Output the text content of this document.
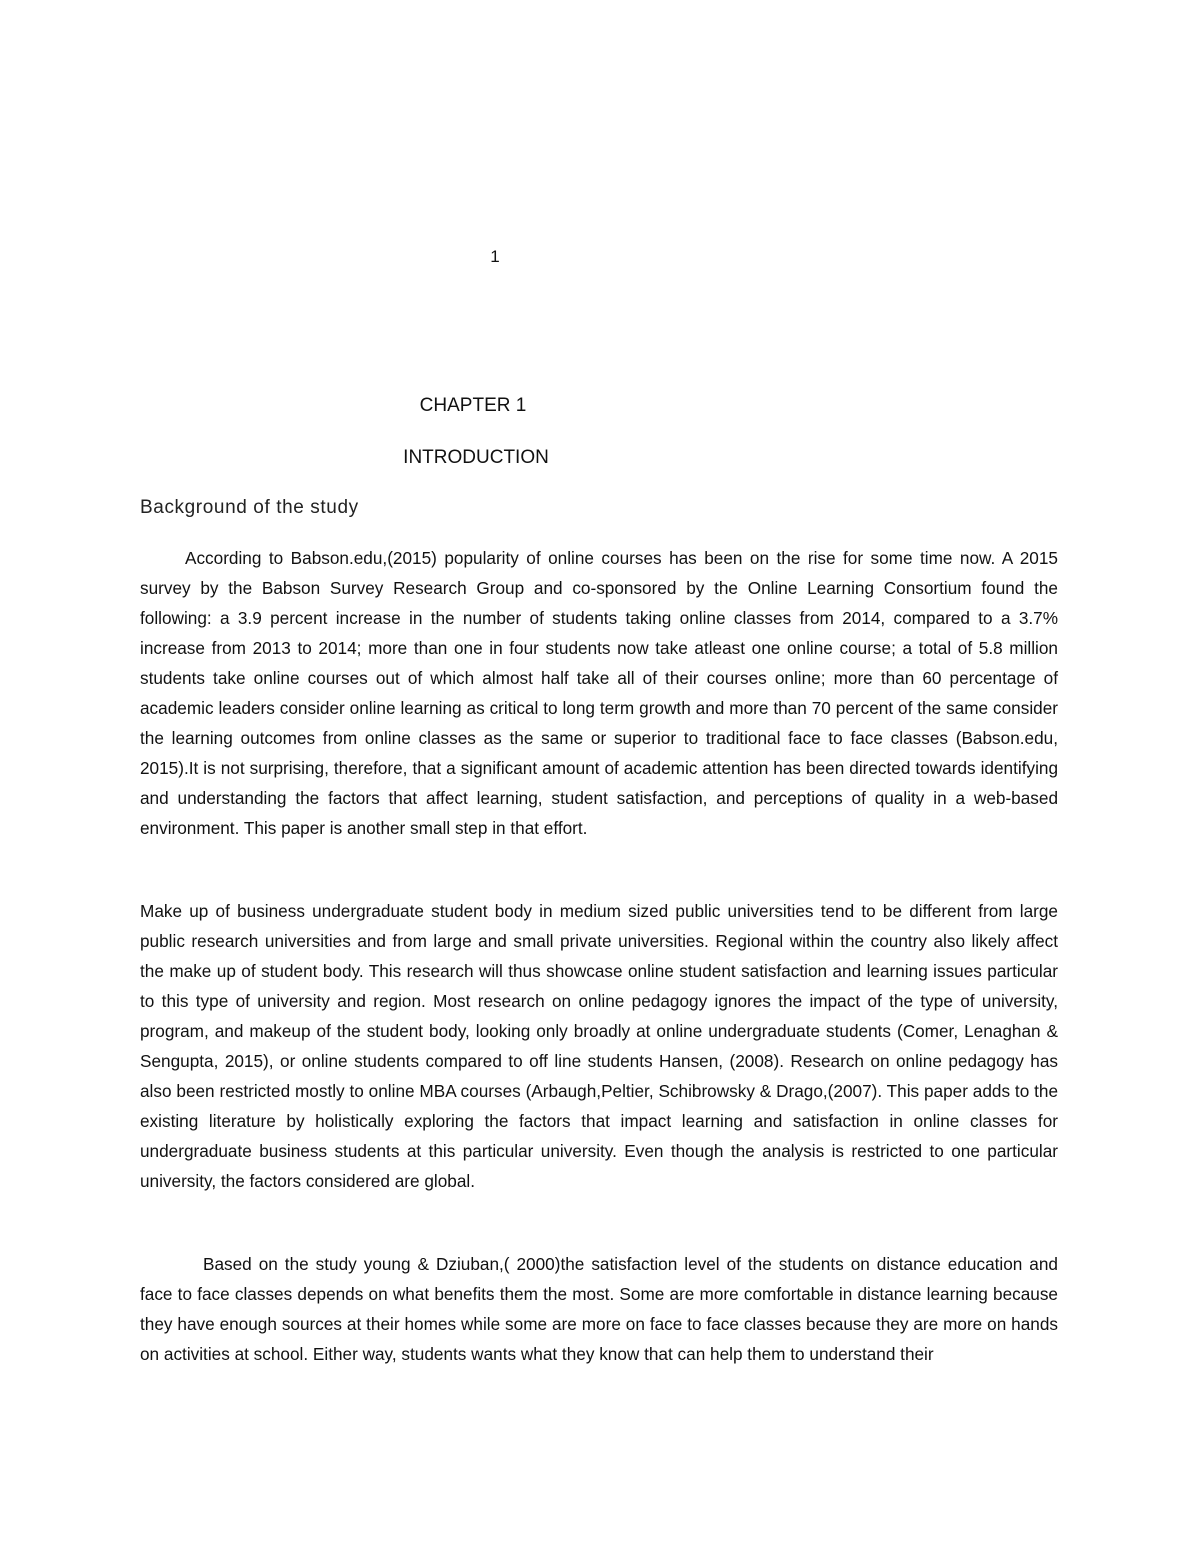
1
CHAPTER 1
INTRODUCTION
Background of the study

According to Babson.edu,(2015) popularity of online courses has been on the rise for some time now. A 2015 survey by the Babson Survey Research Group and co-sponsored by the Online Learning Consortium found the following: a 3.9 percent increase in the number of students taking online classes from 2014, compared to a 3.7% increase from 2013 to 2014; more than one in four students now take atleast one online course; a total of 5.8 million students take online courses out of which almost half take all of their courses online; more than 60 percentage of academic leaders consider online learning as critical to long term growth and more than 70 percent of the same consider the learning outcomes from online classes as the same or superior to traditional face to face classes (Babson.edu, 2015).It is not surprising, therefore, that a significant amount of academic attention has been directed towards identifying and understanding the factors that affect learning, student satisfaction, and perceptions of quality in a web-based environment. This paper is another small step in that effort.

Make up of business undergraduate student body in medium sized public universities tend to be different from large public research universities and from large and small private universities. Regional within the country also likely affect the make up of student body. This research will thus showcase online student satisfaction and learning issues particular to this type of university and region. Most research on online pedagogy ignores the impact of the type of university, program, and makeup of the student body, looking only broadly at online undergraduate students (Comer, Lenaghan & Sengupta, 2015), or online students compared to off line students Hansen, (2008). Research on online pedagogy has also been restricted mostly to online MBA courses (Arbaugh,Peltier, Schibrowsky & Drago,(2007). This paper adds to the existing literature by holistically exploring the factors that impact learning and satisfaction in online classes for undergraduate business students at this particular university. Even though the analysis is restricted to one particular university, the factors considered are global.

Based on the study young & Dziuban,( 2000)the satisfaction level of the students on distance education and face to face classes depends on what benefits them the most. Some are more comfortable in distance learning because they have enough sources at their homes while some are more on face to face classes because they are more on hands on activities at school. Either way, students wants what they know that can help them to understand their
